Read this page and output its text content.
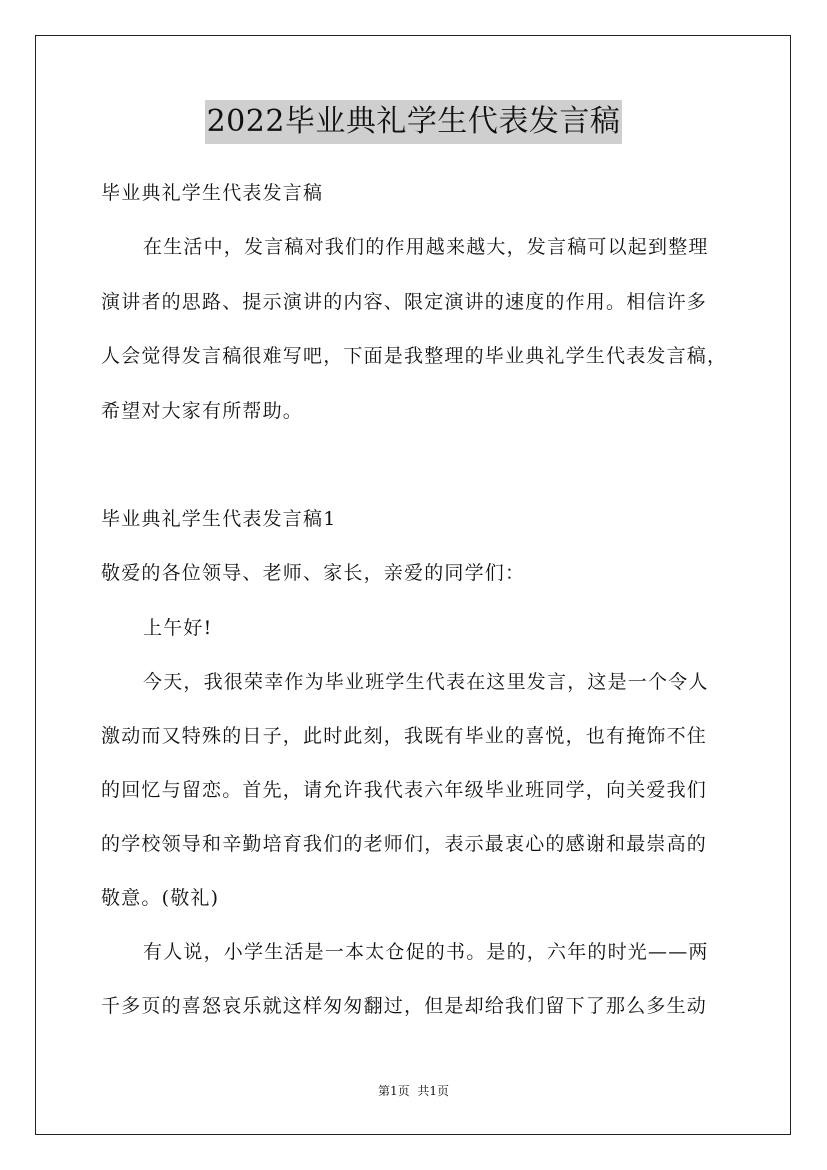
2022毕业典礼学生代表发言稿
毕业典礼学生代表发言稿
在生活中，发言稿对我们的作用越来越大，发言稿可以起到整理
演讲者的思路、提示演讲的内容、限定演讲的速度的作用。相信许多
人会觉得发言稿很难写吧，下面是我整理的毕业典礼学生代表发言稿，
希望对大家有所帮助。
毕业典礼学生代表发言稿1
敬爱的各位领导、老师、家长，亲爱的同学们：
上午好!
今天，我很荣幸作为毕业班学生代表在这里发言，这是一个令人
激动而又特殊的日子，此时此刻，我既有毕业的喜悦，也有掩饰不住
的回忆与留恋。首先，请允许我代表六年级毕业班同学，向关爱我们
的学校领导和辛勤培育我们的老师们，表示最衷心的感谢和最崇高的
敬意。(敬礼)
有人说，小学生活是一本太仓促的书。是的，六年的时光——两
千多页的喜怒哀乐就这样匆匆翻过，但是却给我们留下了那么多生动
第1页 共1页
